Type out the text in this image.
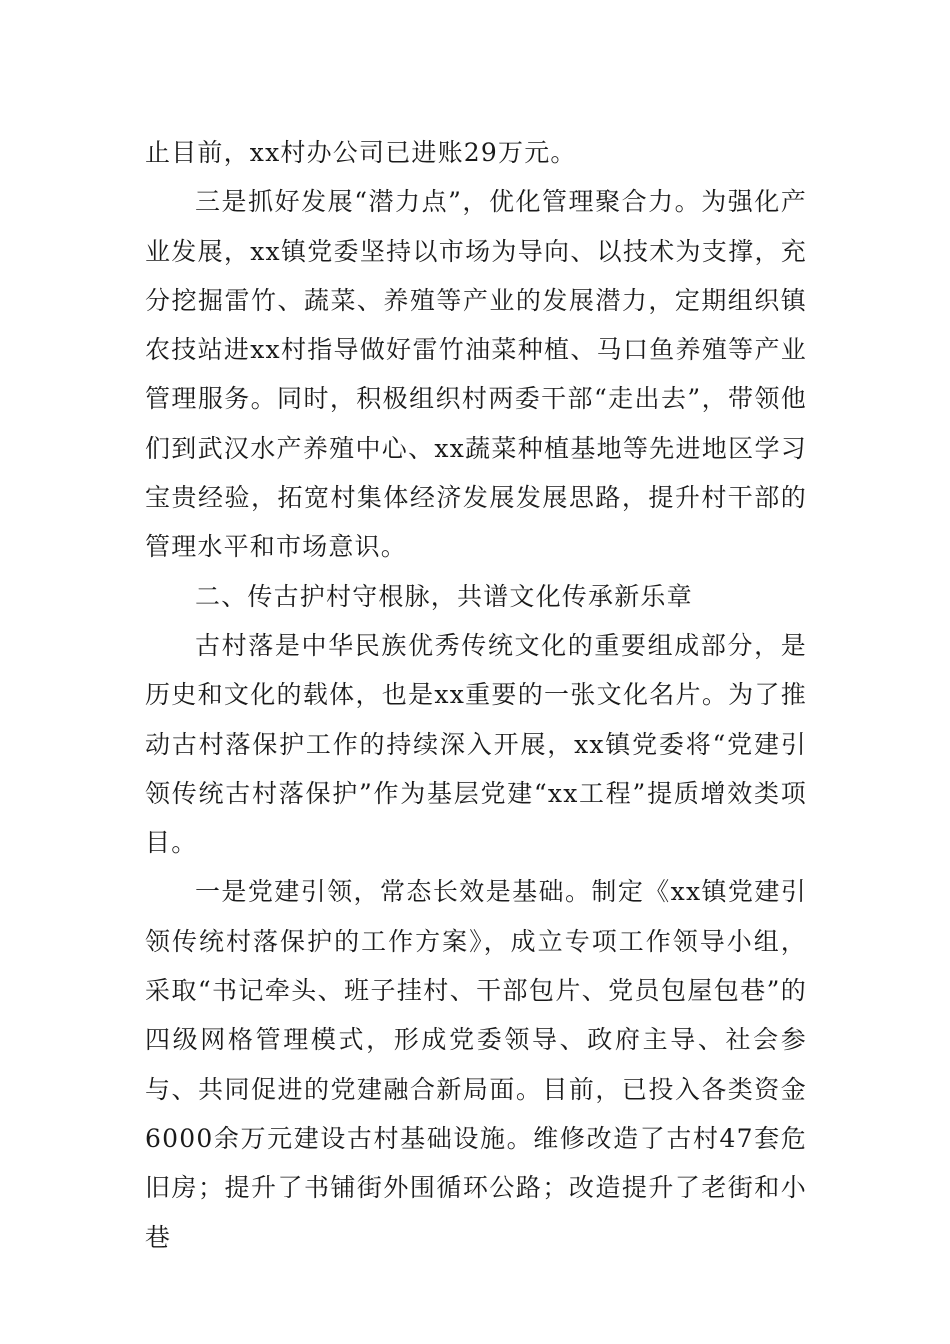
止目前，xx村办公司已进账29万元。

三是抓好发展“潜力点”，优化管理聚合力。为强化产业发展，xx镇党委坚持以市场为导向、以技术为支撑，充分挖掘雷竹、蔬菜、养殖等产业的发展潜力，定期组织镇农技站进xx村指导做好雷竹油菜种植、马口鱼养殖等产业管理服务。同时，积极组织村两委干部“走出去”，带领他们到武汉水产养殖中心、xx蔬菜种植基地等先进地区学习宝贵经验，拓宽村集体经济发展发展思路，提升村干部的管理水平和市场意识。

二、传古护村守根脉，共谱文化传承新乐章

古村落是中华民族优秀传统文化的重要组成部分，是历史和文化的载体，也是xx重要的一张文化名片。为了推动古村落保护工作的持续深入开展，xx镇党委将“党建引领传统古村落保护”作为基层党建“xx工程”提质增效类项目。

一是党建引领，常态长效是基础。制定《xx镇党建引领传统村落保护的工作方案》，成立专项工作领导小组，采取“书记牵头、班子挂村、干部包片、党员包屋包巷”的四级网格管理模式，形成党委领导、政府主导、社会参与、共同促进的党建融合新局面。目前，已投入各类资金6000余万元建设古村基础设施。维修改造了古村47套危旧房；提升了书铺街外围循环公路；改造提升了老街和小巷
